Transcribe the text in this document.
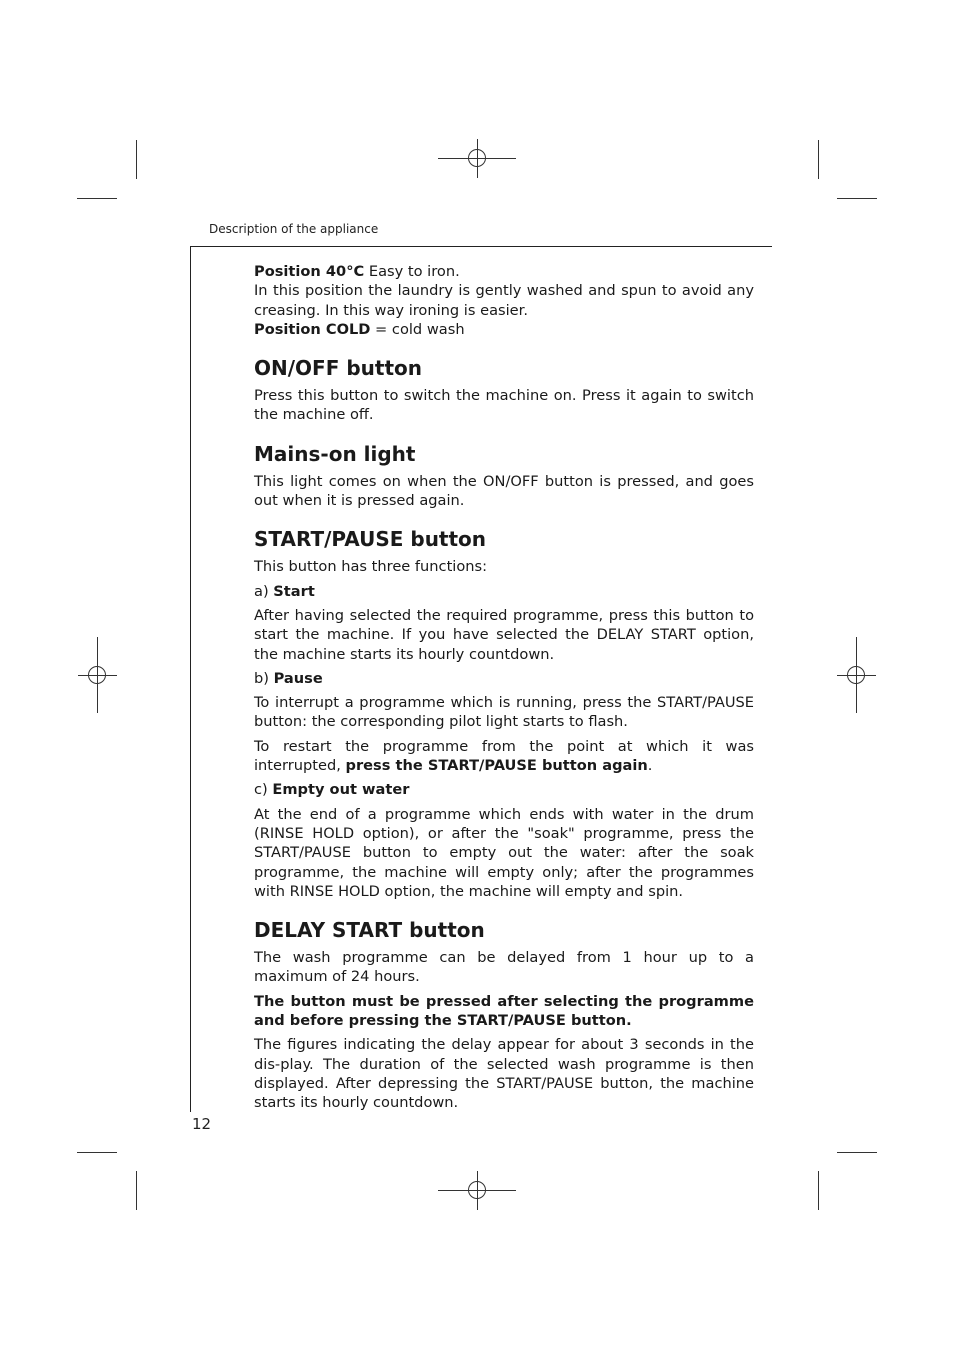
Description of the appliance

Position 40°C Easy to iron.

In this position the laundry is gently washed and spun to avoid any creasing. In this way ironing is easier.

Position COLD = cold wash

ON/OFF button

Press this button to switch the machine on. Press it again to switch the machine off.

Mains-on light

This light comes on when the ON/OFF button is pressed, and goes out when it is pressed again.

START/PAUSE button

This button has three functions:

a) Start

After having selected the required programme, press this button to start the machine. If you have selected the DELAY START option, the machine starts its hourly countdown.

b) Pause

To interrupt a programme which is running, press the START/PAUSE button: the corresponding pilot light starts to flash.

To restart the programme from the point at which it was interrupted, press the START/PAUSE button again.

c) Empty out water

At the end of a programme which ends with water in the drum (RINSE HOLD option), or after the "soak" programme, press the START/PAUSE button to empty out the water: after the soak programme, the machine will empty only; after the programmes with RINSE HOLD option, the machine will empty and spin.

DELAY START button

The wash programme can be delayed from 1 hour up to a maximum of 24 hours.

The button must be pressed after selecting the programme and before pressing the START/PAUSE button.

The figures indicating the delay appear for about 3 seconds in the dis-play. The duration of the selected wash programme is then displayed. After depressing the START/PAUSE button, the machine starts its hourly countdown.

12
